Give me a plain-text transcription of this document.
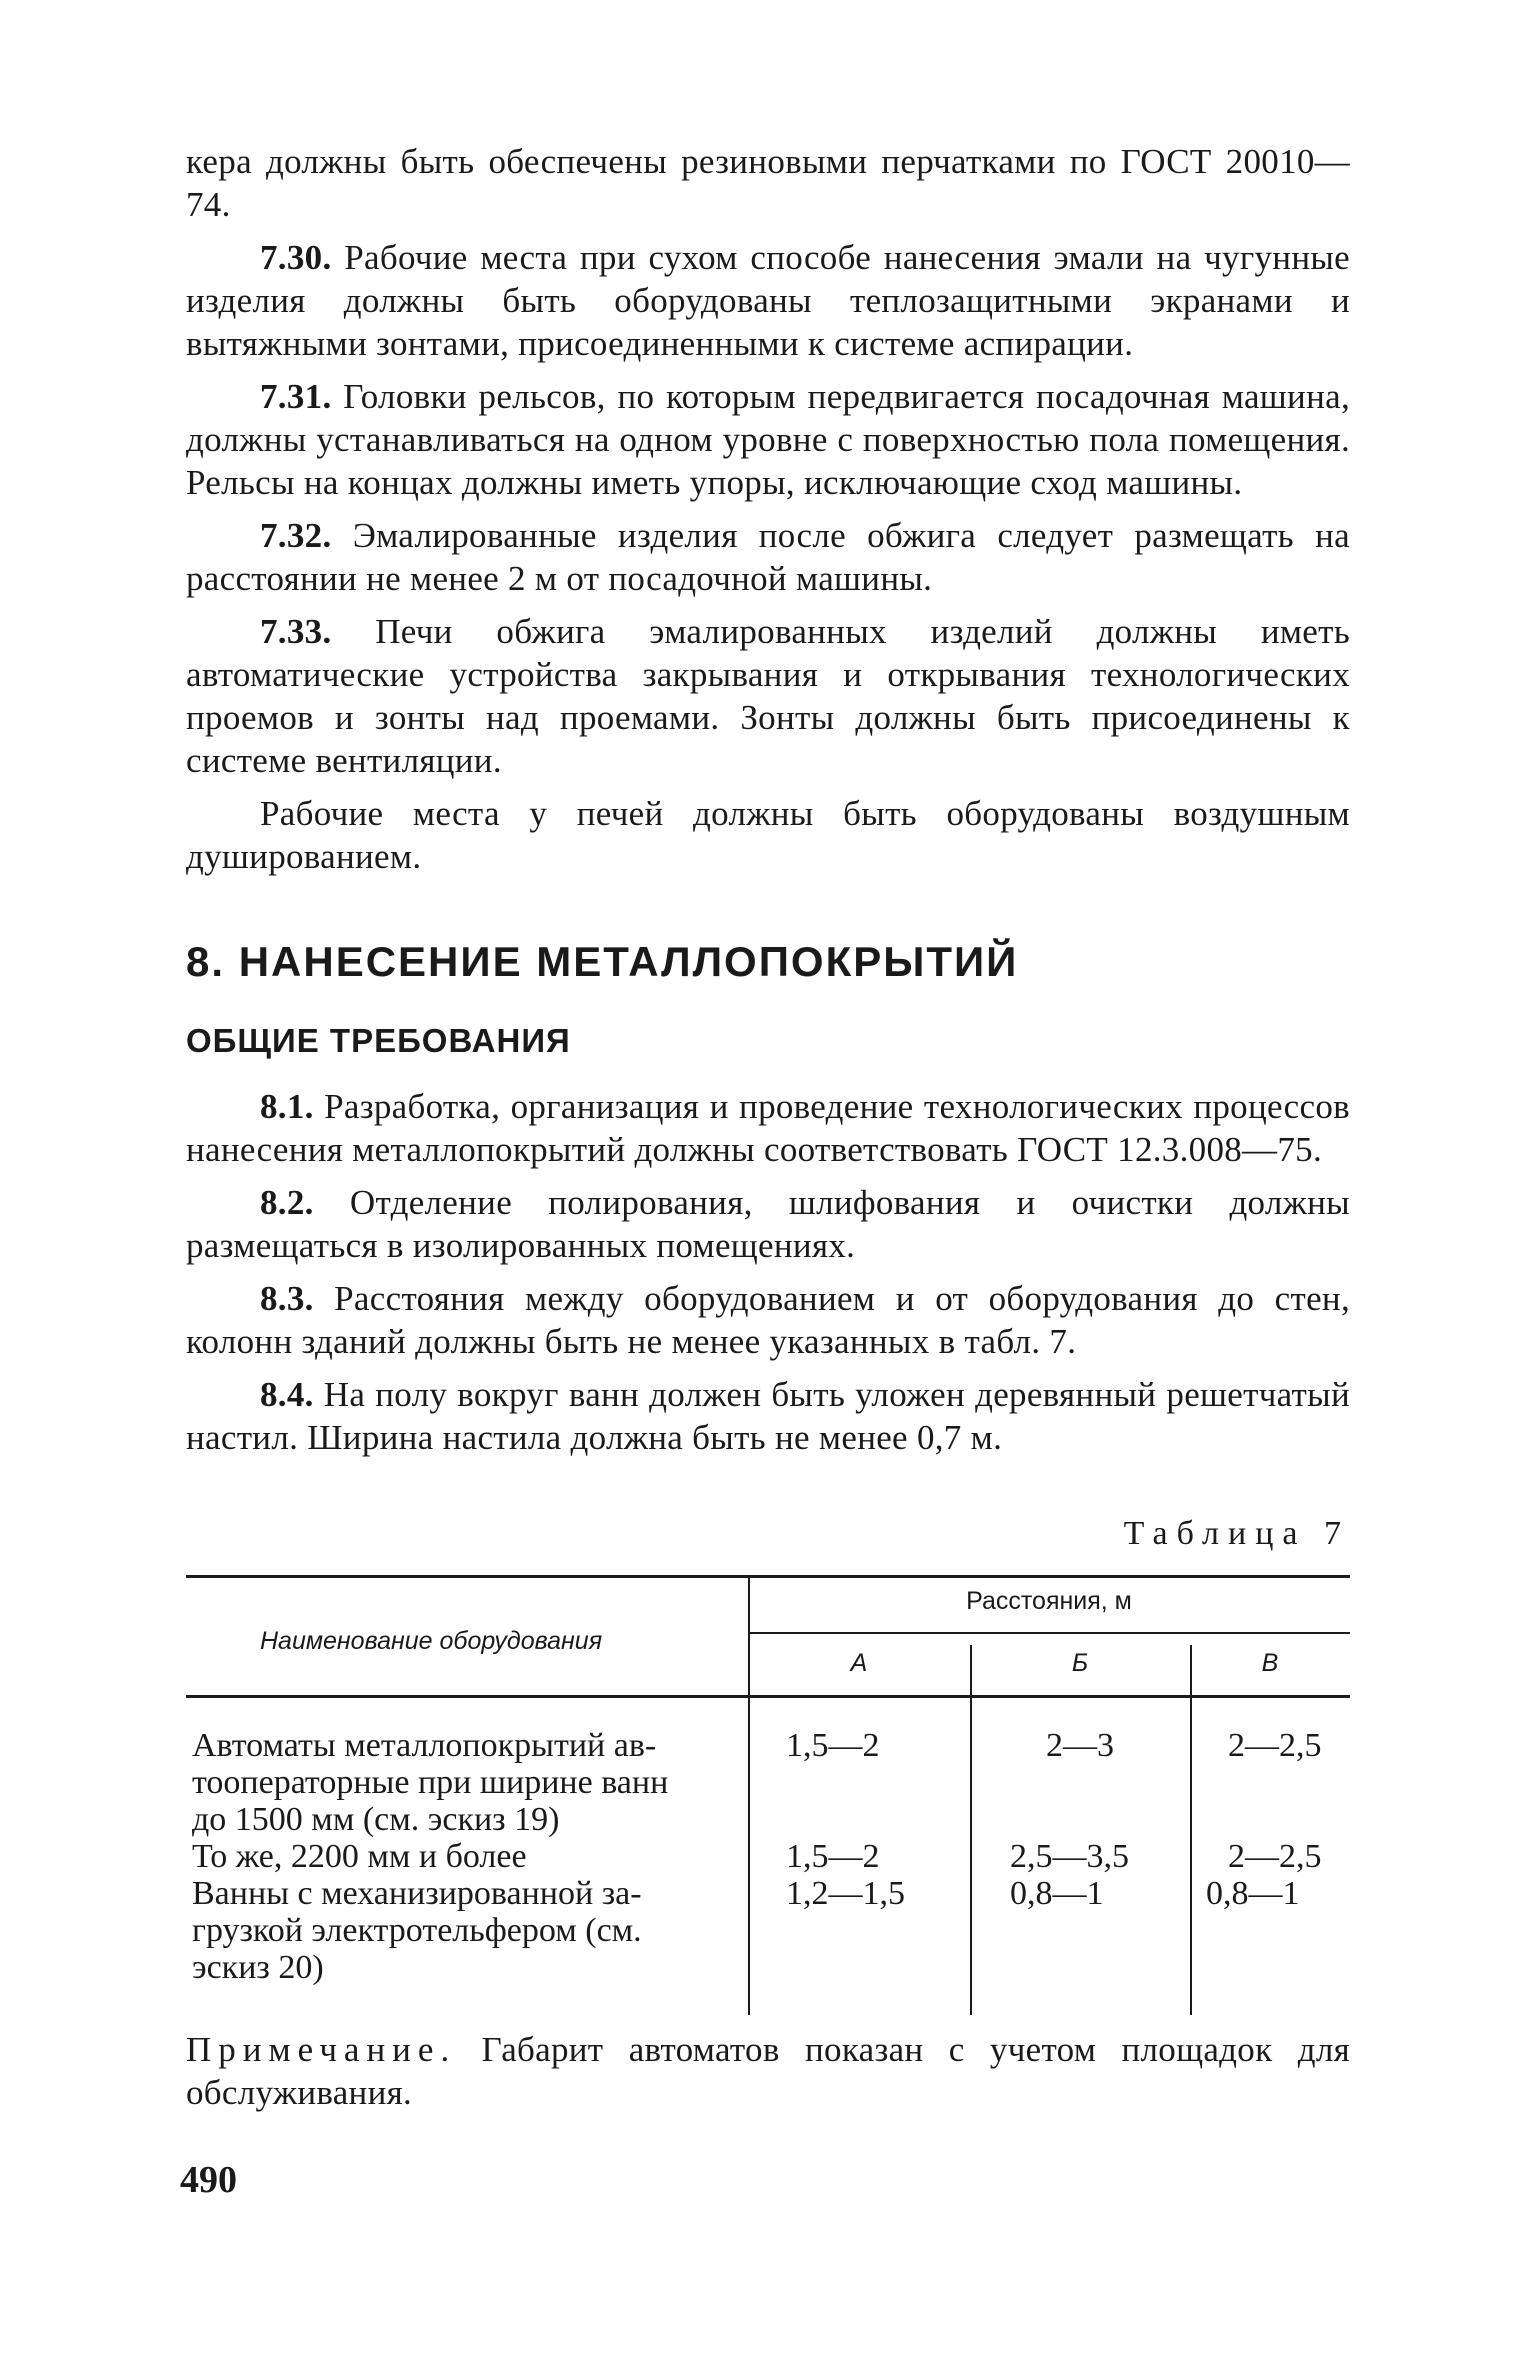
кера должны быть обеспечены резиновыми перчатками по ГОСТ 20010—74.

7.30. Рабочие места при сухом способе нанесения эмали на чугунные изделия должны быть оборудованы теплозащитными экранами и вытяжными зонтами, присоединенными к системе аспирации.

7.31. Головки рельсов, по которым передвигается посадочная машина, должны устанавливаться на одном уровне с поверхностью пола помещения. Рельсы на концах должны иметь упоры, исключающие сход машины.

7.32. Эмалированные изделия после обжига следует размещать на расстоянии не менее 2 м от посадочной машины.

7.33. Печи обжига эмалированных изделий должны иметь автоматические устройства закрывания и открывания технологических проемов и зонты над проемами. Зонты должны быть присоединены к системе вентиляции.

Рабочие места у печей должны быть оборудованы воздушным душированием.

8. НАНЕСЕНИЕ МЕТАЛЛОПОКРЫТИЙ

ОБЩИЕ ТРЕБОВАНИЯ

8.1. Разработка, организация и проведение технологических процессов нанесения металлопокрытий должны соответствовать ГОСТ 12.3.008—75.

8.2. Отделение полирования, шлифования и очистки должны размещаться в изолированных помещениях.

8.3. Расстояния между оборудованием и от оборудования до стен, колонн зданий должны быть не менее указанных в табл. 7.

8.4. На полу вокруг ванн должен быть уложен деревянный решетчатый настил. Ширина настила должна быть не менее 0,7 м.

Таблица 7
Наименование оборудования
Расстояния, м
А	Б	В
Автоматы металлопокрытий ав-
тооператорные при ширине ванн
до 1500 мм (см. эскиз 19)
1,5—2	2—3	2—2,5
То же, 2200 мм и более	1,5—2	2,5—3,5	2—2,5
Ванны с механизированной за-
грузкой электротельфером (см.
эскиз 20)
1,2—1,5	0,8—1	0,8—1

Примечание. Габарит автоматов показан с учетом площадок для обслуживания.

490
